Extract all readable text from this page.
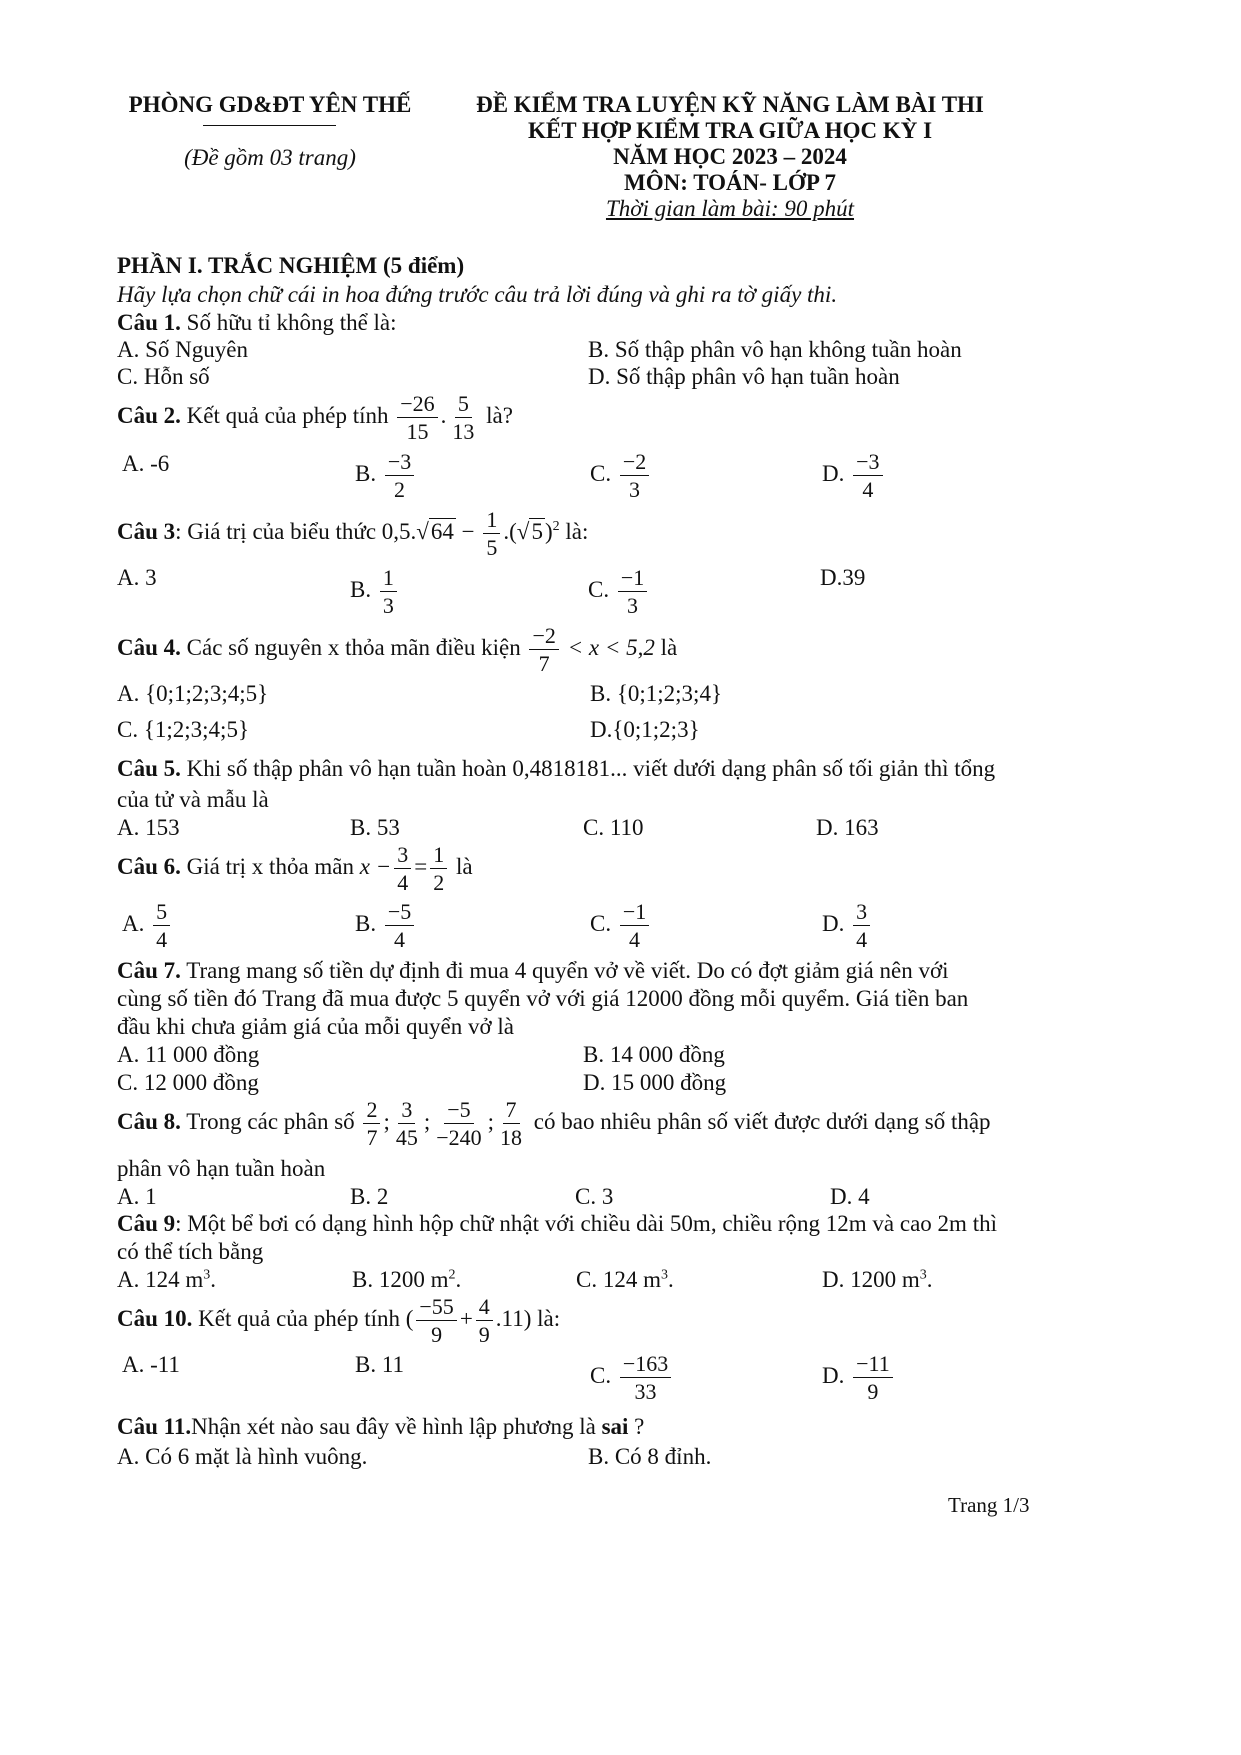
PHÒNG GD&ĐT YÊN THẾ
(Đề gồm 03 trang)
ĐỀ KIỂM TRA LUYỆN KỸ NĂNG LÀM BÀI THI
KẾT HỢP KIỂM TRA GIỮA HỌC KỲ I
NĂM HỌC 2023 – 2024
MÔN: TOÁN- LỚP 7
Thời gian làm bài: 90 phút
PHẦN I. TRẮC NGHIỆM (5 điểm)
Hãy lựa chọn chữ cái in hoa đứng trước câu trả lời đúng và ghi ra tờ giấy thi.
Câu 1. Số hữu tỉ không thể là:
A. Số Nguyên	B. Số thập phân vô hạn không tuần hoàn
C. Hỗn số	D. Số thập phân vô hạn tuần hoàn
Câu 2. Kết quả của phép tính $\frac{-26}{15}$ . $\frac{5}{13}$ là?
A. -6	B. $\frac{-3}{2}$	C. $\frac{-2}{3}$	D. $\frac{-3}{4}$
Câu 3: Giá trị của biểu thức $0,5.√64 - \frac{1}{5} .(√5)^2$ là:
A. 3	B. $\frac{1}{3}$	C. $\frac{-1}{3}$	D.39
Câu 4. Các số nguyên x thỏa mãn điều kiện $\frac{-2}{7} < x < 5,2$ là
A. {0;1;2;3;4;5}	B. {0;1;2;3;4}
C. {1;2;3;4;5}	D.{0;1;2;3}
Câu 5. Khi số thập phân vô hạn tuần hoàn 0,4818181... viết dưới dạng phân số tối giản thì tổng
của tử và mẫu là
A. 153	B. 53	C. 110	D. 163
Câu 6. Giá trị x thỏa mãn $x - \frac{3}{4} = \frac{1}{2}$ là
A. $\frac{5}{4}$	B. $\frac{-5}{4}$	C. $\frac{-1}{4}$	D. $\frac{3}{4}$
Câu 7. Trang mang số tiền dự định đi mua 4 quyển vở về viết. Do có đợt giảm giá nên với
cùng số tiền đó Trang đã mua được 5 quyển vở với giá 12000 đồng mỗi quyểm. Giá tiền ban
đầu khi chưa giảm giá của mỗi quyển vở là
A. 11 000 đồng	B. 14 000 đồng
C. 12 000 đồng	D. 15 000 đồng
Câu 8. Trong các phân số $\frac{2}{7}$ ; $\frac{3}{45}$ ; $\frac{-5}{-240}$ ; $\frac{7}{18}$ có bao nhiêu phân số viết được dưới dạng số thập
phân vô hạn tuần hoàn
A. 1	B. 2	C. 3	D. 4
Câu 9: Một bể bơi có dạng hình hộp chữ nhật với chiều dài 50m, chiều rộng 12m và cao 2m thì
có thể tích bằng
A. 124 $m^3$.	B. 1200 $m^2$.	C. 124 $m^3$.	D. 1200 $m^3$.
Câu 10. Kết quả của phép tính ( $\frac{-55}{9} + \frac{4}{9} .11$) là:
A. -11	B. 11	C. $\frac{-163}{33}$	D. $\frac{-11}{9}$
Câu 11.Nhận xét nào sau đây về hình lập phương là sai ?
A. Có 6 mặt là hình vuông.	B. Có 8 đỉnh.
Trang 1/3
